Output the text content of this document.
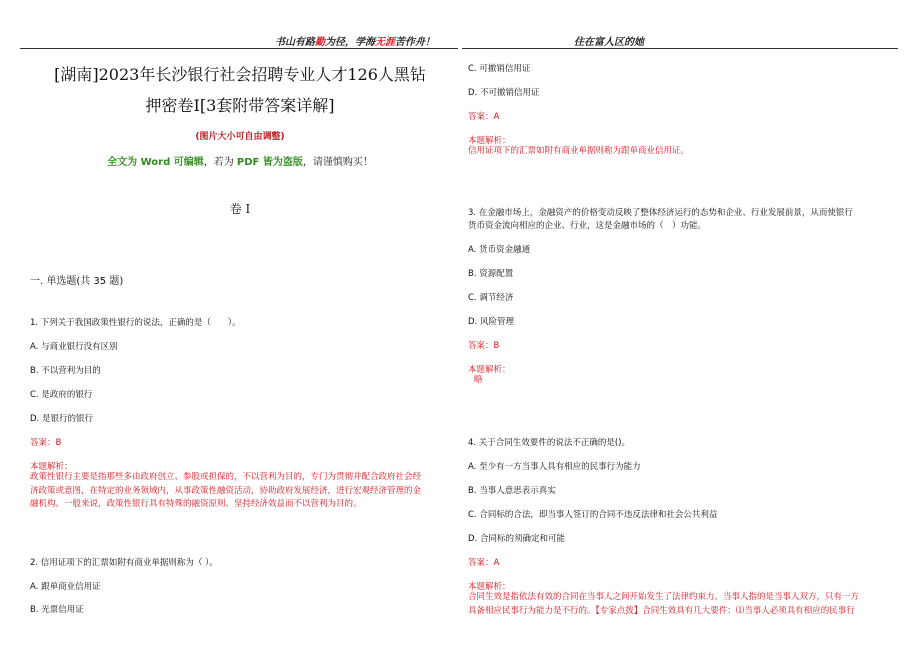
书山有路勤为径，学海无涯苦作舟！	住在富人区的她
[湖南]2023年长沙银行社会招聘专业人才126人黑钻
押密卷I[3套附带答案详解]
(图片大小可自由调整)
全文为 Word 可编辑，若为 PDF 皆为盗版，请谨慎购买！
卷 I
一. 单选题(共 35 题)
1. 下列关于我国政策性银行的说法，正确的是（　　）。
A. 与商业银行没有区别
B. 不以营利为目的
C. 是政府的银行
D. 是银行的银行
答案：B
本题解析：
政策性银行主要是指那些多由政府创立、参股或担保的，不以营利为目的，专门为贯彻并配合政府社会经
济政策或意图，在特定的业务领域内，从事政策性融资活动，协助政府发展经济，进行宏观经济管理的金
融机构。一般来说，政策性银行具有特殊的融资原则、坚持经济效益而不以营利为目的。
2. 信用证项下的汇票如附有商业单据则称为（ ）。
A. 跟单商业信用证
B. 光票信用证
C. 可撤销信用证
D. 不可撤销信用证
答案：A
本题解析：
信用证项下的汇票如附有商业单据则称为跟单商业信用证。
3. 在金融市场上，金融资产的价格变动反映了整体经济运行的态势和企业、行业发展前景，从而使银行
货币资金流向相应的企业、行业，这是金融市场的（　）功能。
A. 货币资金融通
B. 资源配置
C. 调节经济
D. 风险管理
答案：B
本题解析：
略
4. 关于合同生效要件的说法不正确的是()。
A. 至少有一方当事人具有相应的民事行为能力
B. 当事人意思表示真实
C. 合同标的合法，即当事人签订的合同不违反法律和社会公共利益
D. 合同标的须确定和可能
答案：A
本题解析：
合同生效是指依法有效的合同在当事人之间开始发生了法律约束力。当事人指的是当事人双方，只有一方
具备相应民事行为能力是不行的。【专家点拨】合同生效具有几大要件：⑴当事人必须具有相应的民事行
